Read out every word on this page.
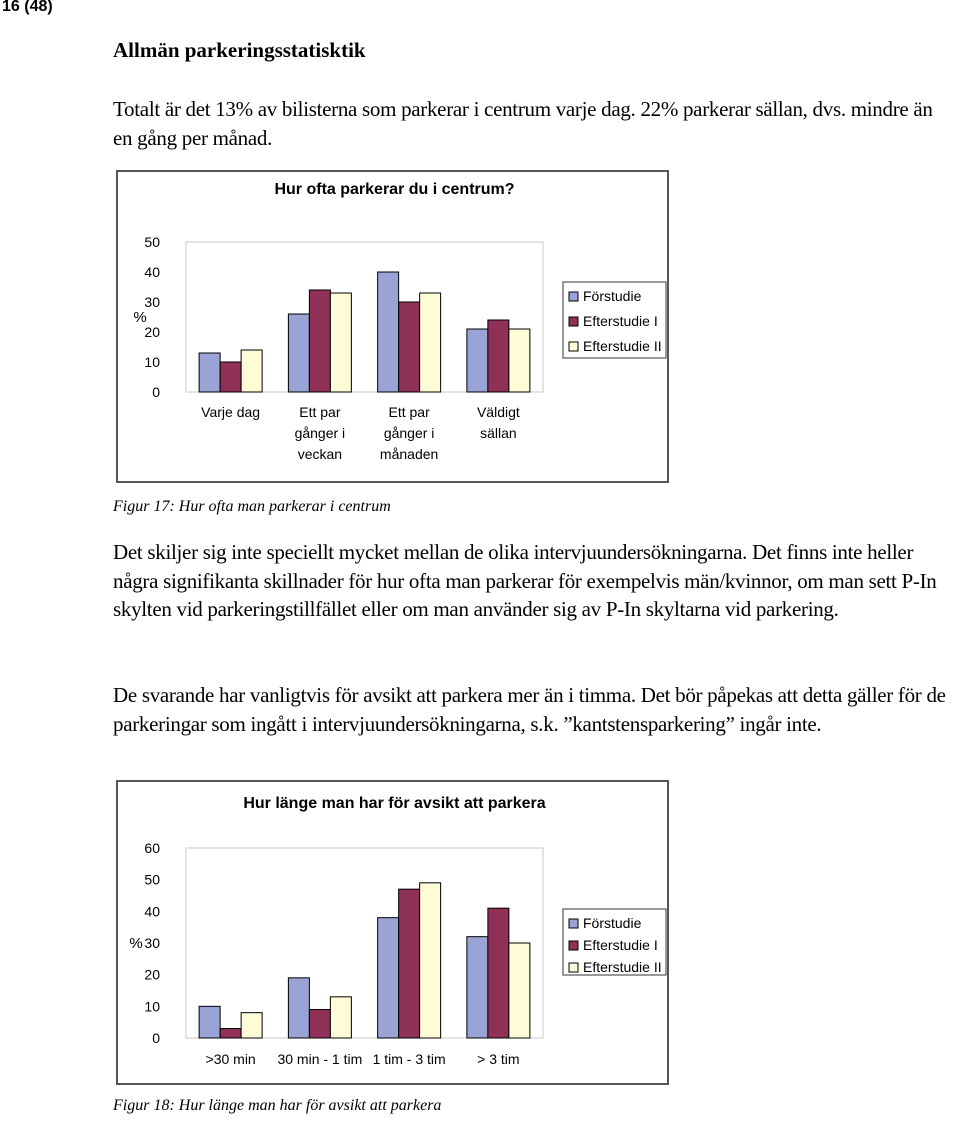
16 (48)
Allmän parkeringsstatisktik
Totalt är det 13% av bilisterna som parkerar i centrum varje dag. 22% parkerar sällan, dvs. mindre än en gång per månad.
Hur ofta parkerar du i centrum?
0
10
20
30
40
50
%
Varje dag	Ett par
gånger i
veckan
Ett par
gånger i
månaden
Väldigt
sällan
Förstudie
Efterstudie I
Efterstudie II
Figur 17: Hur ofta man parkerar i centrum
Det skiljer sig inte speciellt mycket mellan de olika intervjuundersökningarna. Det finns inte heller några signifikanta skillnader för hur ofta man parkerar för exempelvis män/kvinnor, om man sett P-In skylten vid parkeringstillfället eller om man använder sig av P-In skyltarna vid parkering.
De svarande har vanligtvis för avsikt att parkera mer än i timma. Det bör påpekas att detta gäller för de parkeringar som ingått i intervjuundersökningarna, s.k. ”kantstensparkering” ingår inte.
Hur länge man har för avsikt att parkera
0
10
20
30
40
50
60
%
>30 min 30 min - 1 tim 1 tim - 3 tim > 3 tim
Förstudie
Efterstudie I
Efterstudie II
Figur 18: Hur länge man har för avsikt att parkera
